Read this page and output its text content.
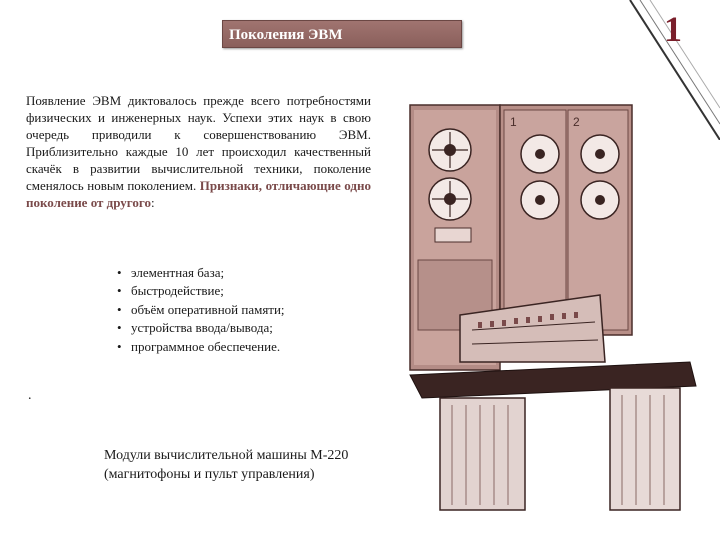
Поколения ЭВМ	1
Появление ЭВМ диктовалось прежде всего потребностями физических и инженерных наук. Успехи этих наук в свою очередь приводили к совершенствованию ЭВМ. Приблизительно каждые 10 лет происходил качественный скачёк в развитии вычислительной техники, поколение сменялось новым поколением. Признаки, отличающие одно поколение от другого:
• элементная база;
• быстродействие;
• объём оперативной памяти;
• устройства ввода/вывода;
• программное обеспечение.
.
Модули вычислительной машины М-220
(магнитофоны и пульт управления)
1	2
